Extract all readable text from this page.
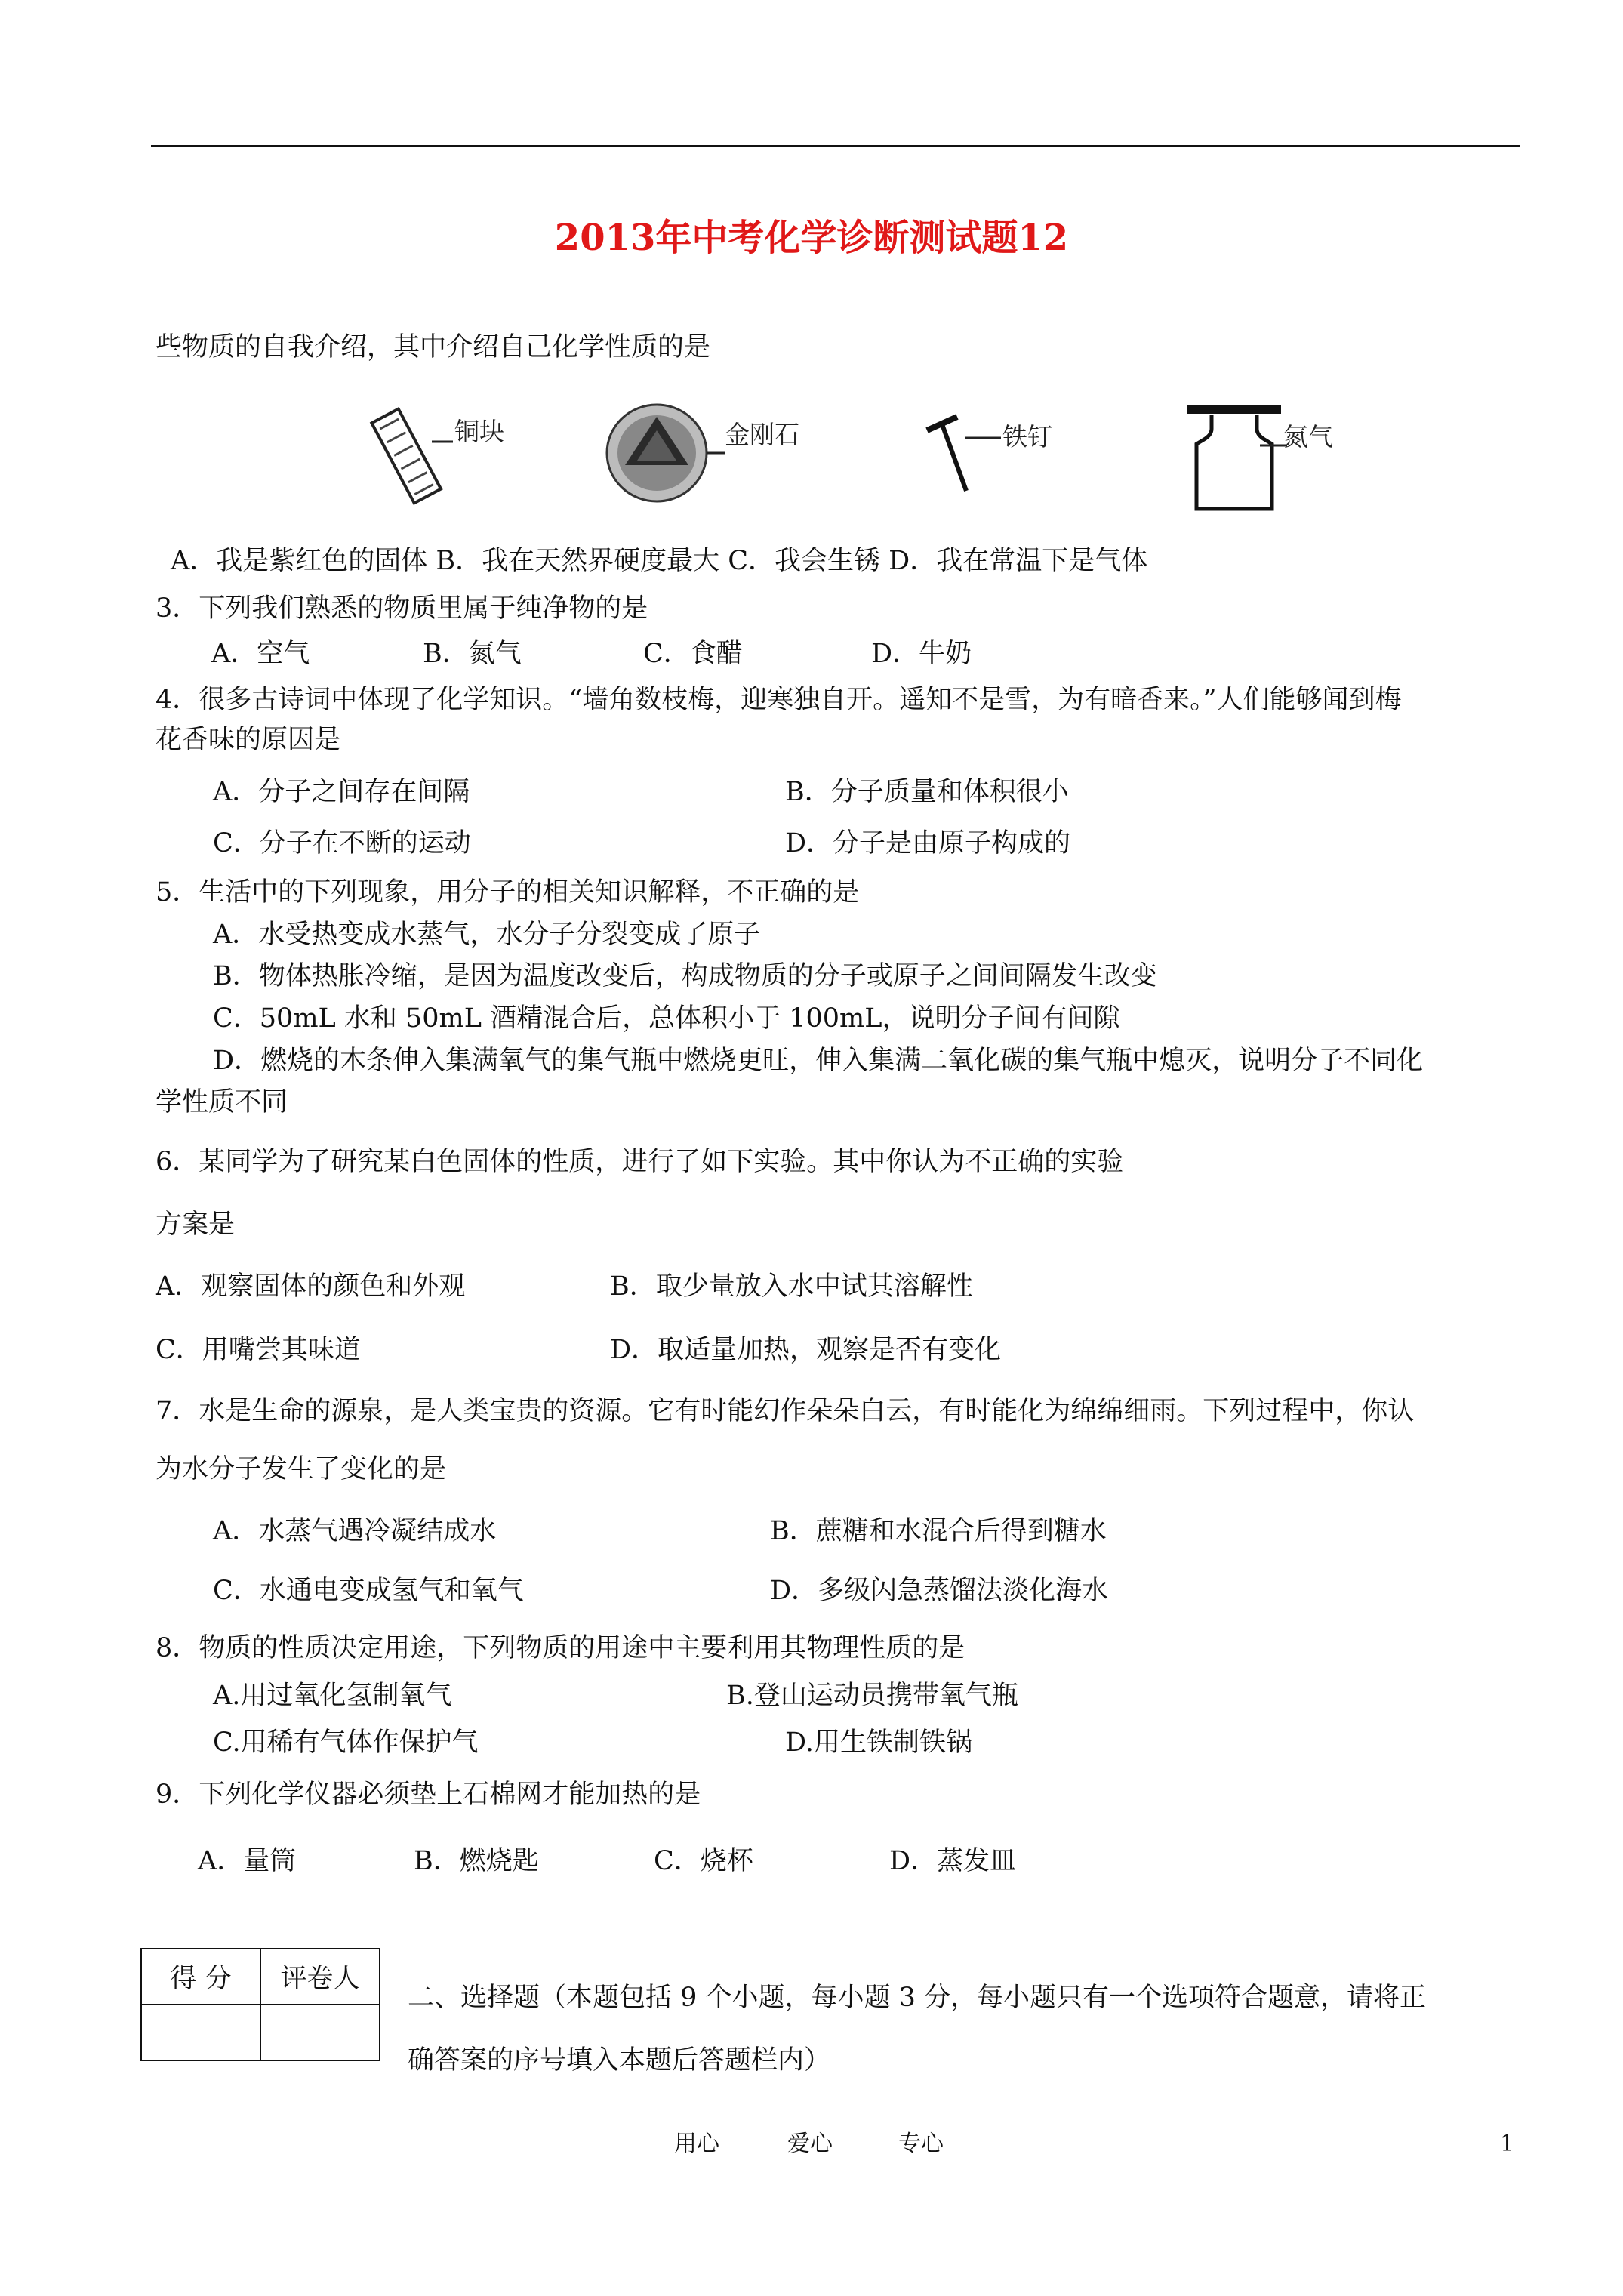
2013年中考化学诊断测试题12
些物质的自我介绍，其中介绍自己化学性质的是
铜块	金刚石	铁钉	氮气
A．我是紫红色的固体 B．我在天然界硬度最大 C．我会生锈 D．我在常温下是气体
3．下列我们熟悉的物质里属于纯净物的是
A．空气	B．氮气	C．食醋	D．牛奶
4．很多古诗词中体现了化学知识。“墙角数枝梅，迎寒独自开。遥知不是雪，为有暗香来。”人们能够闻到梅
花香味的原因是
A．分子之间存在间隔	B．分子质量和体积很小
C．分子在不断的运动	D．分子是由原子构成的
5．生活中的下列现象，用分子的相关知识解释，不正确的是
A．水受热变成水蒸气，水分子分裂变成了原子
B．物体热胀冷缩，是因为温度改变后，构成物质的分子或原子之间间隔发生改变
C．50mL 水和 50mL 酒精混合后，总体积小于 100mL，说明分子间有间隙
D．燃烧的木条伸入集满氧气的集气瓶中燃烧更旺，伸入集满二氧化碳的集气瓶中熄灭，说明分子不同化
学性质不同
6．某同学为了研究某白色固体的性质，进行了如下实验。其中你认为不正确的实验
方案是
A．观察固体的颜色和外观	B．取少量放入水中试其溶解性
C．用嘴尝其味道	D．取适量加热，观察是否有变化
7．水是生命的源泉，是人类宝贵的资源。它有时能幻作朵朵白云，有时能化为绵绵细雨。下列过程中，你认
为水分子发生了变化的是
A．水蒸气遇冷凝结成水	B．蔗糖和水混合后得到糖水
C．水通电变成氢气和氧气	D．多级闪急蒸馏法淡化海水
8．物质的性质决定用途，下列物质的用途中主要利用其物理性质的是
A.用过氧化氢制氧气	B.登山运动员携带氧气瓶
C.用稀有气体作保护气	D.用生铁制铁锅
9．下列化学仪器必须垫上石棉网才能加热的是
A．量筒	B．燃烧匙	C．烧杯	D．蒸发皿
得 分	评卷人

二、选择题（本题包括 9 个小题，每小题 3 分，每小题只有一个选项符合题意，请将正
确答案的序号填入本题后答题栏内）
用心	爱心	专心	1
